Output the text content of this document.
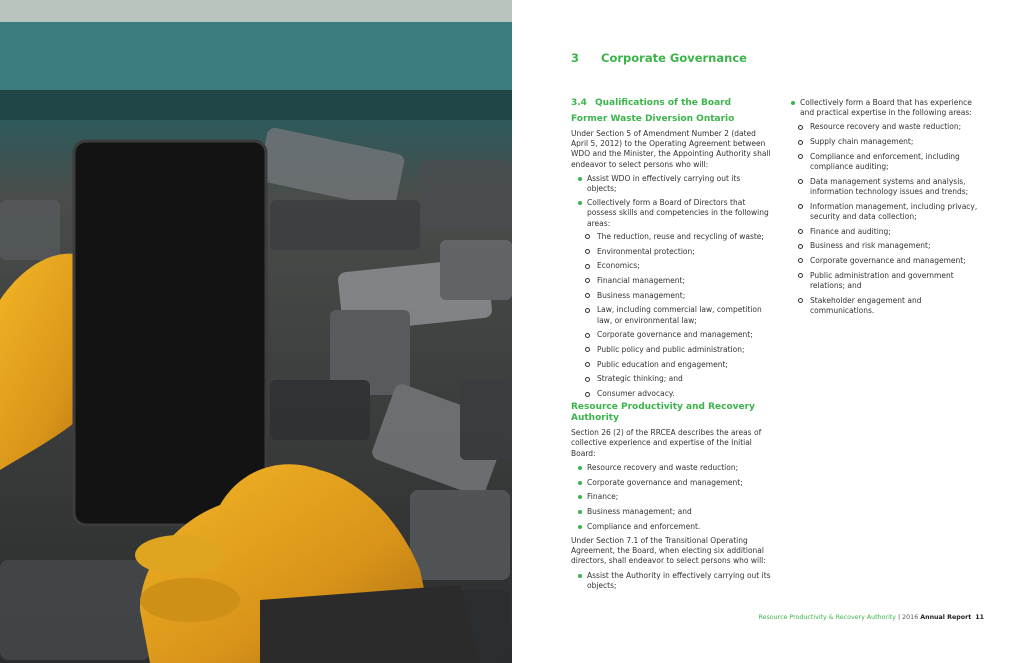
3 Corporate Governance
3.4 Qualifications of the Board
Former Waste Diversion Ontario

Under Section 5 of Amendment Number 2 (dated April 5, 2012) to the Operating Agreement between WDO and the Minister, the Appointing Authority shall endeavor to select persons who will:

Assist WDO in effectively carrying out its objects;
Collectively form a Board of Directors that possess skills and competencies in the following areas:
The reduction, reuse and recycling of waste;
Environmental protection;
Economics;
Financial management;
Business management;
Law, including commercial law, competition law, or environmental law;
Corporate governance and management;
Public policy and public administration;
Public education and engagement;
Strategic thinking; and
Consumer advocacy.
Resource Productivity and Recovery Authority

Section 26 (2) of the RRCEA describes the areas of collective experience and expertise of the Initial Board:

Resource recovery and waste reduction;
Corporate governance and management;
Finance;
Business management; and
Compliance and enforcement.

Under Section 7.1 of the Transitional Operating Agreement, the Board, when electing six additional directors, shall endeavor to select persons who will:

Assist the Authority in effectively carrying out its objects;
Collectively form a Board that has experience and practical expertise in the following areas:
Resource recovery and waste reduction;
Supply chain management;
Compliance and enforcement, including compliance auditing;
Data management systems and analysis, information technology issues and trends;
Information management, including privacy, security and data collection;
Finance and auditing;
Business and risk management;
Corporate governance and management;
Public administration and government relations; and
Stakeholder engagement and communications.
Resource Productivity & Recovery Authority | 2016 Annual Report 11
